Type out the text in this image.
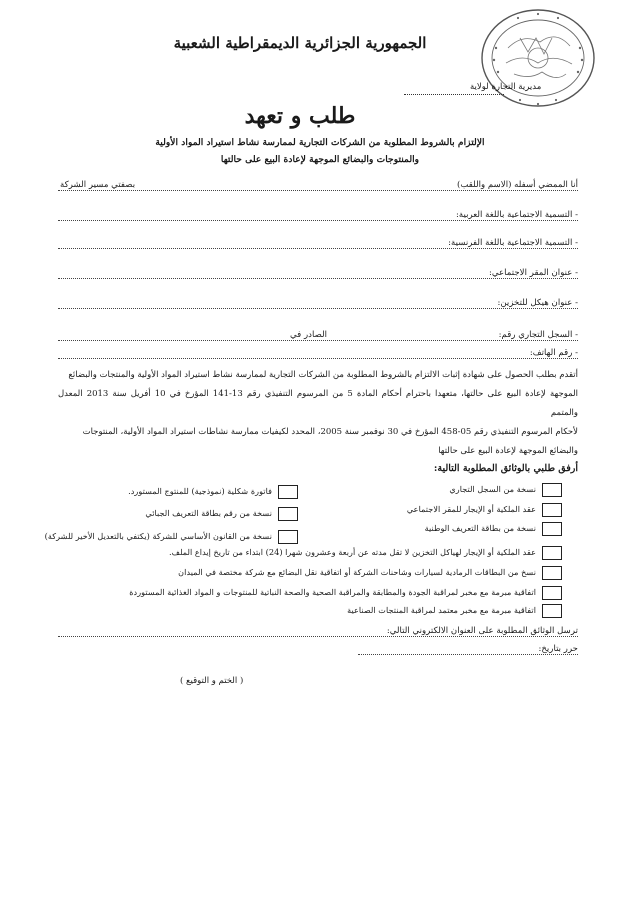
الجمهورية الجزائرية الديمقراطية الشعبية
مديرية التجارة لولاية
طلب و تعهد
الإلتزام بالشروط المطلوبة من الشركات التجارية لممارسة نشاط استيراد المواد الأولية
والمنتوجات والبضائع الموجهة لإعادة البيع على حالتها
أنا الممضي أسفله (الاسم واللقب)
بصفتي مسير الشركة
- التسمية الاجتماعية باللغة العربية:
- التسمية الاجتماعية باللغة الفرنسية:
- عنوان المقر الاجتماعي:
- عنوان هيكل للتخزين:
- السجل التجاري رقم:
الصادر في
- رقم الهاتف:
أتقدم بطلب الحصول على شهادة إثبات الالتزام بالشروط المطلوبة من الشركات التجارية لممارسة نشاط استيراد المواد الأولية والمنتجات والبضائع
الموجهة لإعادة البيع على حالتها، متعهدا باحترام أحكام المادة 5 من المرسوم التنفيذي رقم 13-141 المؤرخ في 10 أفريل سنة 2013 المعدل والمتمم
لأحكام المرسوم التنفيذي رقم 05-458 المؤرخ في 30 نوفمبر سنة 2005، المحدد لكيفيات ممارسة نشاطات استيراد المواد الأولية، المنتوجات
والبضائع الموجهة لإعادة البيع على حالتها
أرفق طلبي بالوثائق المطلوبة التالية:
نسخة من السجل التجاري
عقد الملكية أو الإيجار للمقر الاجتماعي
نسخة من بطاقة التعريف الوطنية
فاتورة شكلية (نموذجية) للمنتوج المستورد.
نسخة من رقم بطاقة التعريف الجبائي
نسخة من القانون الأساسي للشركة (يكتفي بالتعديل الأخير للشركة)
عقد الملكية أو الإيجار لهياكل التخزين لا تقل مدته عن أربعة وعشرون شهرا (24) ابتداء من تاريخ إيداع الملف.
نسخ من البطاقات الرمادية لسيارات وشاحنات الشركة أو اتفاقية نقل البضائع مع شركة مختصة في الميدان
اتفاقية مبرمة مع مخبر لمراقبة الجودة والمطابقة والمراقبة الصحية والصحة النباتية للمنتوجات و المواد الغذائية المستوردة
اتفاقية مبرمة مع مخبر معتمد لمراقبة المنتجات الصناعية
ترسل الوثائق المطلوبة على العنوان الالكتروني التالي:
حرر بتاريخ:
( الختم و التوقيع )
